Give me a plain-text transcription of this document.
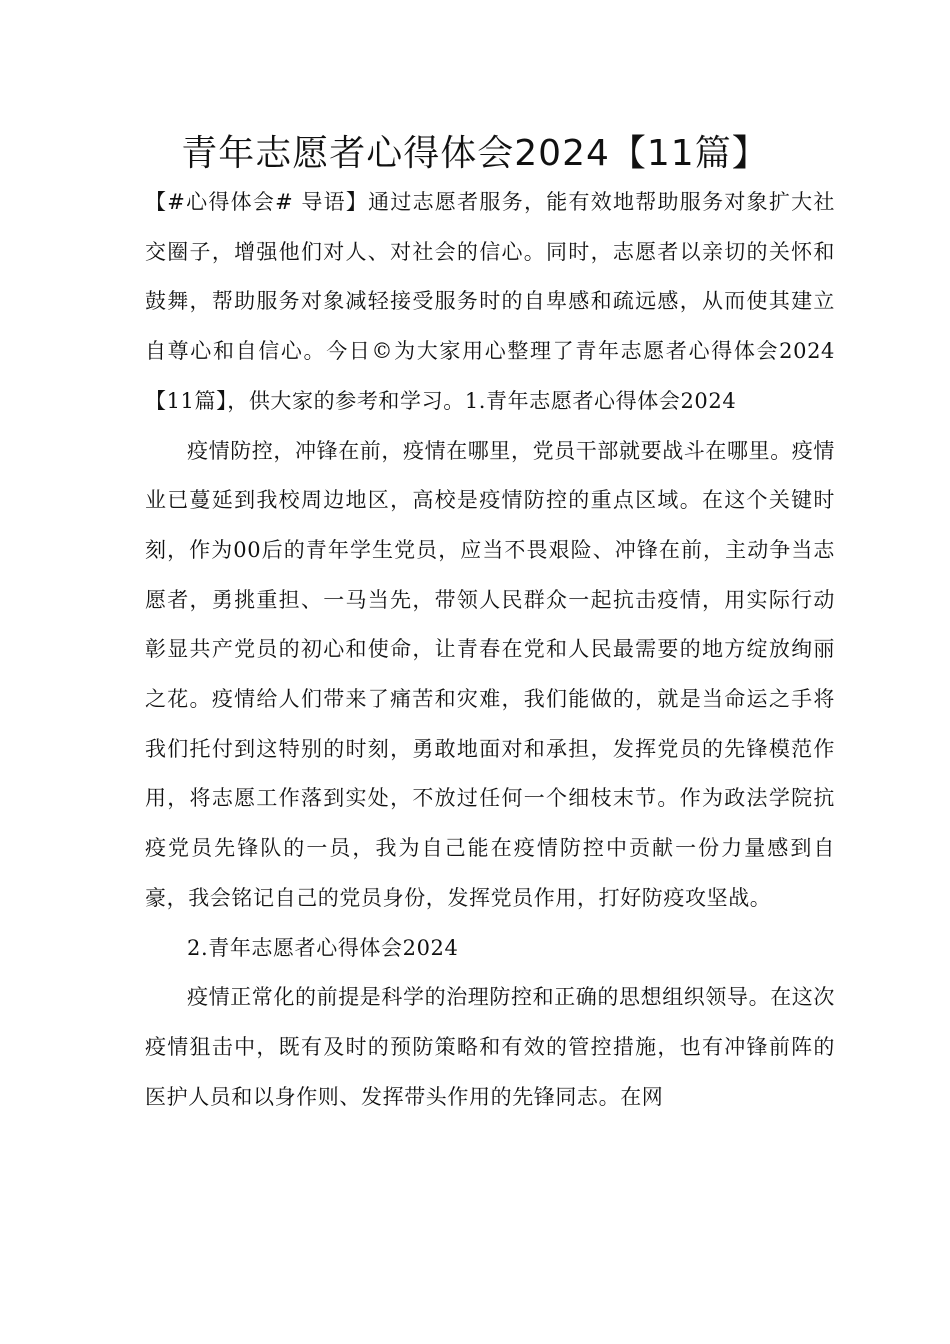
青年志愿者心得体会2024【11篇】

【#心得体会# 导语】通过志愿者服务，能有效地帮助服务对象扩大社交圈子，增强他们对人、对社会的信心。同时，志愿者以亲切的关怀和鼓舞，帮助服务对象减轻接受服务时的自卑感和疏远感，从而使其建立自尊心和自信心。今日©为大家用心整理了青年志愿者心得体会2024【11篇】，供大家的参考和学习。1.青年志愿者心得体会2024

疫情防控，冲锋在前，疫情在哪里，党员干部就要战斗在哪里。疫情业已蔓延到我校周边地区，高校是疫情防控的重点区域。在这个关键时刻，作为00后的青年学生党员，应当不畏艰险、冲锋在前，主动争当志愿者，勇挑重担、一马当先，带领人民群众一起抗击疫情，用实际行动彰显共产党员的初心和使命，让青春在党和人民最需要的地方绽放绚丽之花。疫情给人们带来了痛苦和灾难，我们能做的，就是当命运之手将我们托付到这特别的时刻，勇敢地面对和承担，发挥党员的先锋模范作用，将志愿工作落到实处，不放过任何一个细枝末节。作为政法学院抗疫党员先锋队的一员，我为自己能在疫情防控中贡献一份力量感到自豪，我会铭记自己的党员身份，发挥党员作用，打好防疫攻坚战。

2.青年志愿者心得体会2024

疫情正常化的前提是科学的治理防控和正确的思想组织领导。在这次疫情狙击中，既有及时的预防策略和有效的管控措施，也有冲锋前阵的医护人员和以身作则、发挥带头作用的先锋同志。在网
